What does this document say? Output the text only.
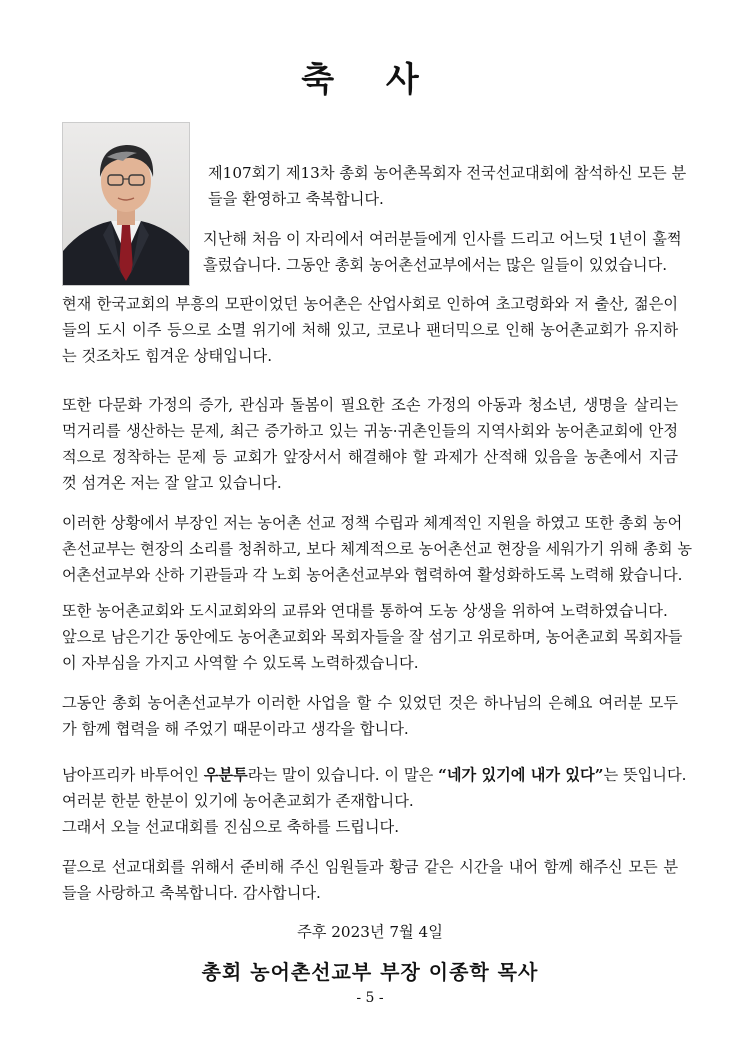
축 사
제107회기 제13차 총회 농어촌목회자 전국선교대회에 참석하신 모든 분
들을 환영하고 축복합니다.
지난해 처음 이 자리에서 여러분들에게 인사를 드리고 어느덧 1년이 훌쩍
흘렀습니다. 그동안 총회 농어촌선교부에서는 많은 일들이 있었습니다.
현재 한국교회의 부흥의 모판이었던 농어촌은 산업사회로 인하여 초고령화와 저 출산, 젊은이
들의 도시 이주 등으로 소멸 위기에 처해 있고, 코로나 팬더믹으로 인해 농어촌교회가 유지하
는 것조차도 힘겨운 상태입니다.
또한 다문화 가정의 증가, 관심과 돌봄이 필요한 조손 가정의 아동과 청소년, 생명을 살리는
먹거리를 생산하는 문제, 최근 증가하고 있는 귀농·귀촌인들의 지역사회와 농어촌교회에 안정
적으로 정착하는 문제 등 교회가 앞장서서 해결해야 할 과제가 산적해 있음을 농촌에서 지금
껏 섬겨온 저는 잘 알고 있습니다.
이러한 상황에서 부장인 저는 농어촌 선교 정책 수립과 체계적인 지원을 하였고 또한 총회 농어
촌선교부는 현장의 소리를 청취하고, 보다 체계적으로 농어촌선교 현장을 세워가기 위해 총회 농
어촌선교부와 산하 기관들과 각 노회 농어촌선교부와 협력하여 활성화하도록 노력해 왔습니다.
또한 농어촌교회와 도시교회와의 교류와 연대를 통하여 도농 상생을 위하여 노력하였습니다.
앞으로 남은기간 동안에도 농어촌교회와 목회자들을 잘 섬기고 위로하며, 농어촌교회 목회자들
이 자부심을 가지고 사역할 수 있도록 노력하겠습니다.
그동안 총회 농어촌선교부가 이러한 사업을 할 수 있었던 것은 하나님의 은혜요 여러분 모두
가 함께 협력을 해 주었기 때문이라고 생각을 합니다.
남아프리카 바투어인 우분투라는 말이 있습니다. 이 말은 “네가 있기에 내가 있다”는 뜻입니다.
여러분 한분 한분이 있기에 농어촌교회가 존재합니다.
그래서 오늘 선교대회를 진심으로 축하를 드립니다.
끝으로 선교대회를 위해서 준비해 주신 임원들과 황금 같은 시간을 내어 함께 해주신 모든 분
들을 사랑하고 축복합니다. 감사합니다.
주후 2023년 7월 4일
총회 농어촌선교부 부장 이종학 목사
- 5 -
